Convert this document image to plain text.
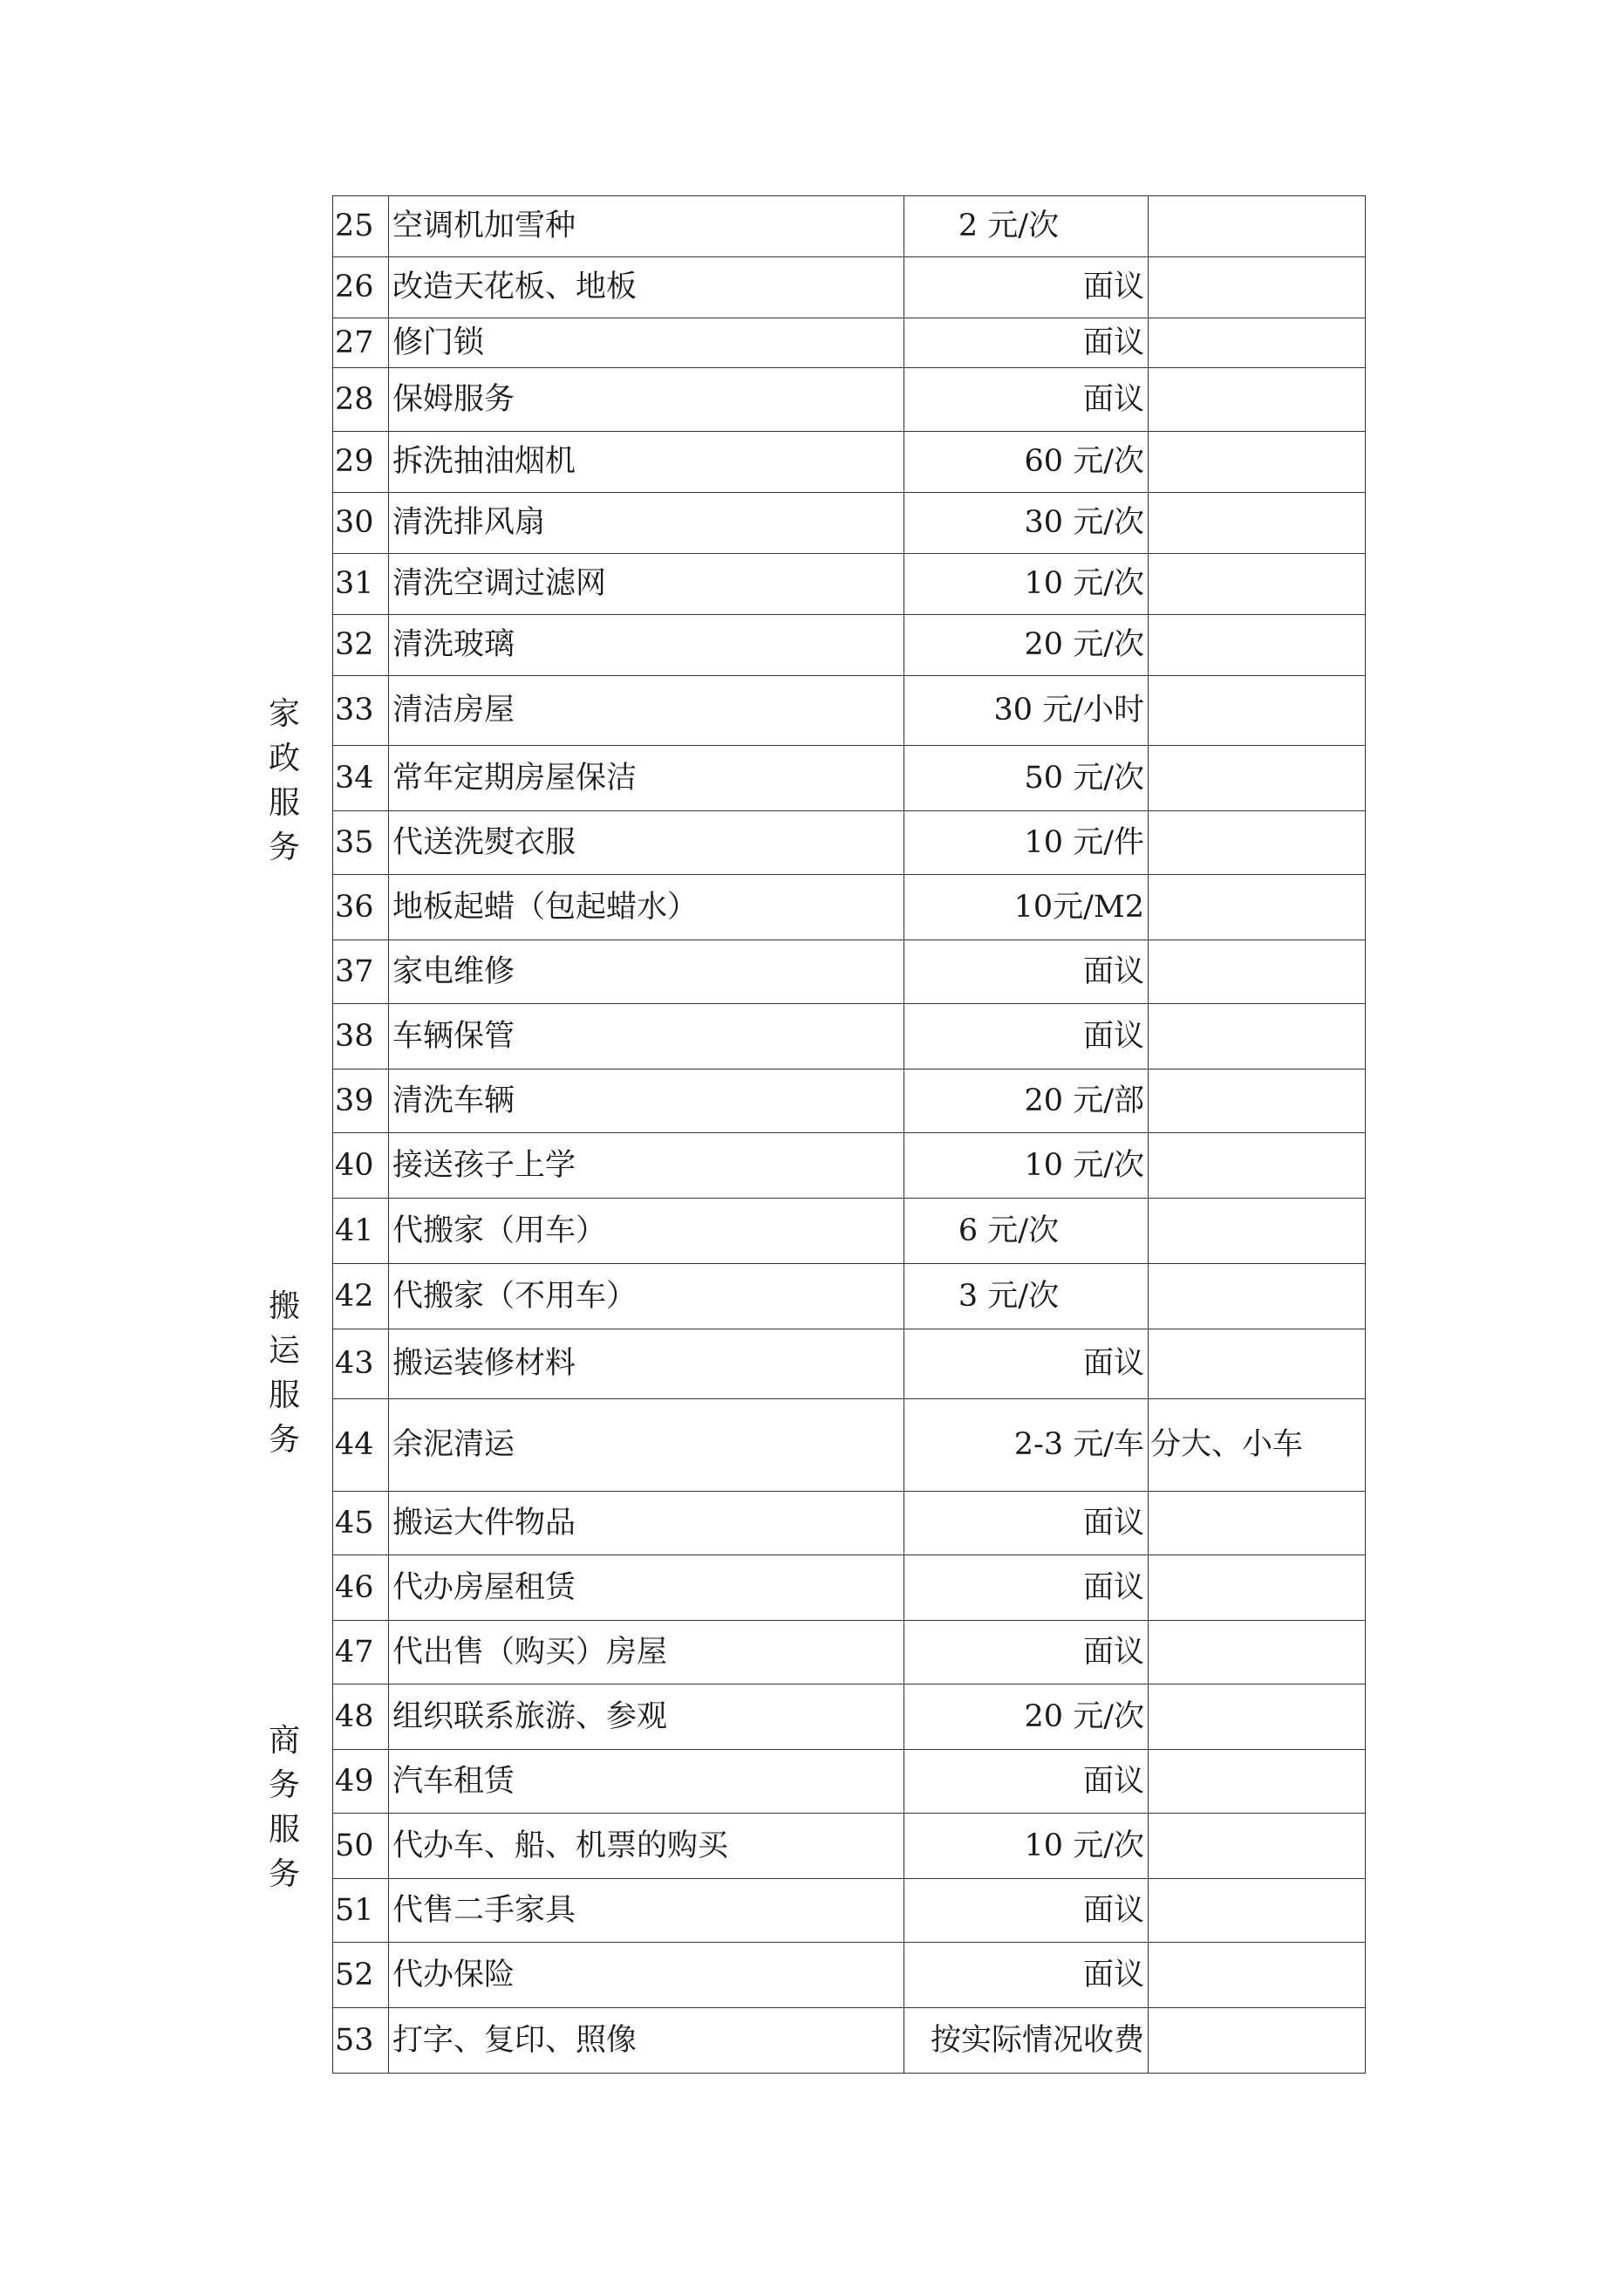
家政服务
搬运服务
商务服务
25	空调机加雪种	2 元/次	
26	改造天花板、地板	面议	
27	修门锁	面议	
28	保姆服务	面议	
29	拆洗抽油烟机	60 元/次	
30	清洗排风扇	30 元/次	
31	清洗空调过滤网	10 元/次	
32	清洗玻璃	20 元/次	
33	清洁房屋	30 元/小时	
34	常年定期房屋保洁	50 元/次	
35	代送洗熨衣服	10 元/件	
36	地板起蜡（包起蜡水）	10元/M2	
37	家电维修	面议	
38	车辆保管	面议	
39	清洗车辆	20 元/部	
40	接送孩子上学	10 元/次	
41	代搬家（用车）	6 元/次	
42	代搬家（不用车）	3 元/次	
43	搬运装修材料	面议	
44	余泥清运	2-3 元/车	分大、小车
45	搬运大件物品	面议	
46	代办房屋租赁	面议	
47	代出售（购买）房屋	面议	
48	组织联系旅游、参观	20 元/次	
49	汽车租赁	面议	
50	代办车、船、机票的购买	10 元/次	
51	代售二手家具	面议	
52	代办保险	面议	
53	打字、复印、照像	按实际情况收费	
